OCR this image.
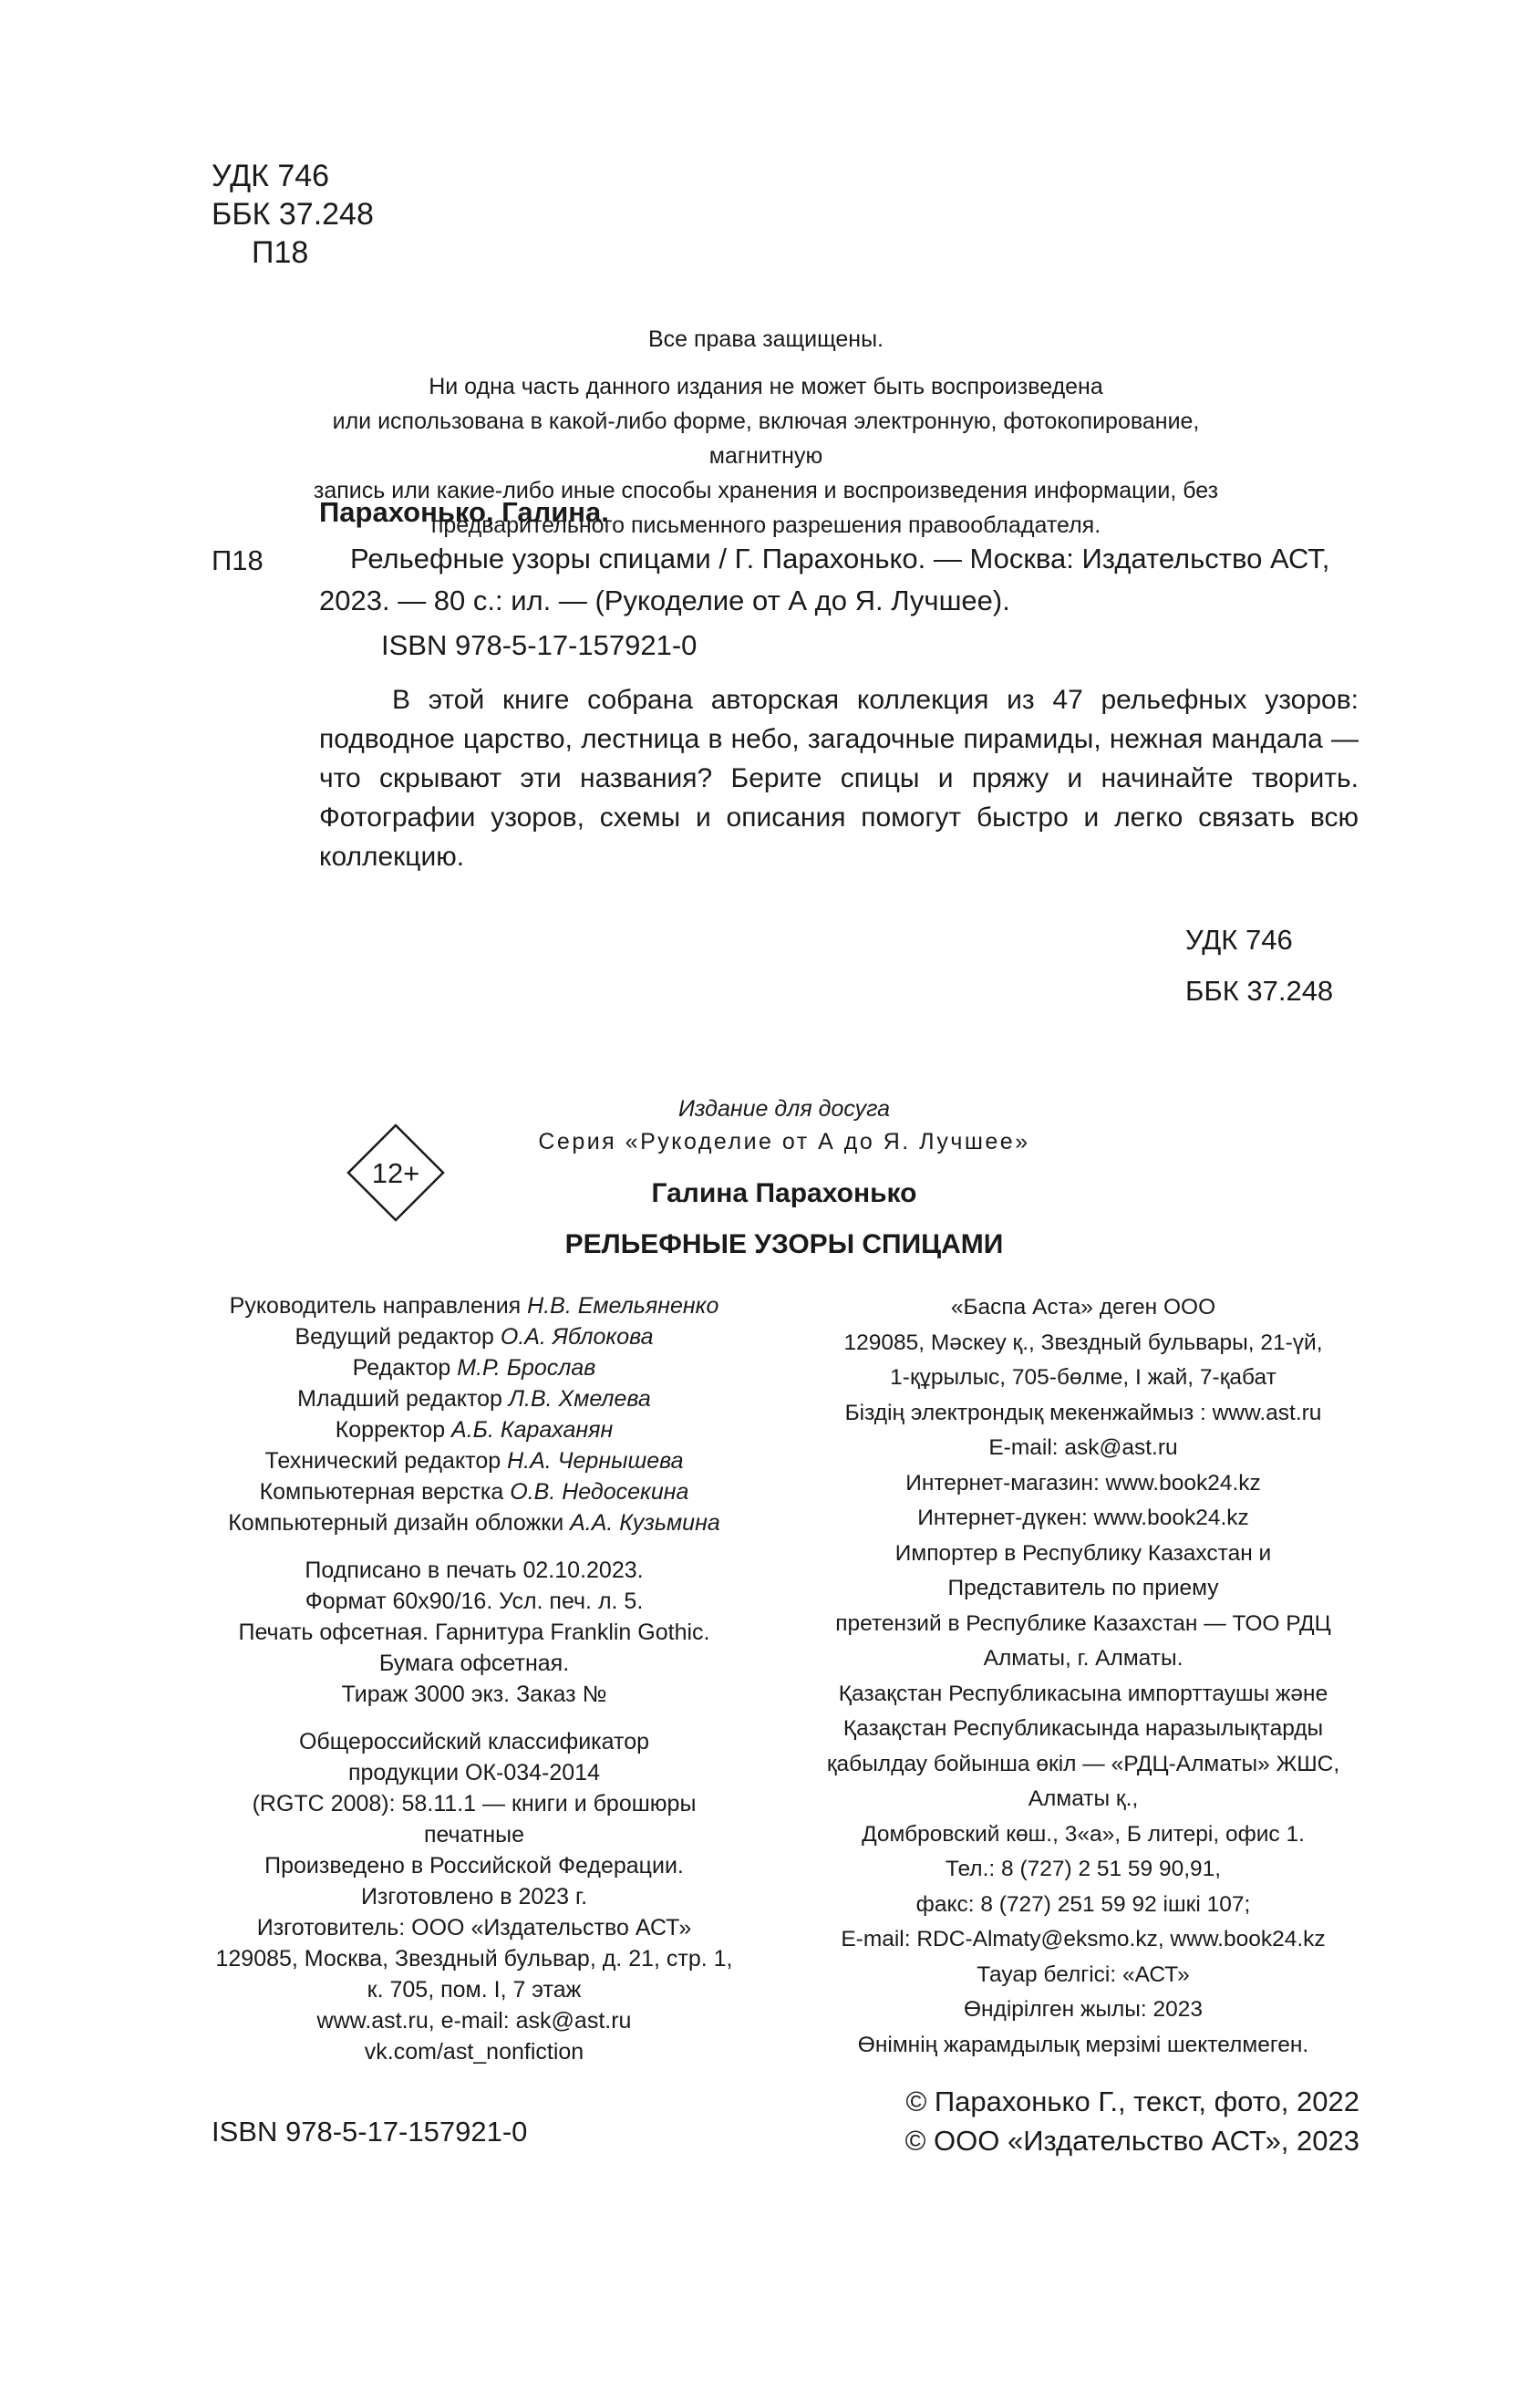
УДК 746
ББК 37.248
П18

Все права защищены.

Ни одна часть данного издания не может быть воспроизведена

или использована в какой-либо форме, включая электронную, фотокопирование, магнитную

запись или какие-либо иные способы хранения и воспроизведения информации, без

предварительного письменного разрешения правообладателя.

Парахонько, Галина.
П18	Рельефные узоры спицами / Г. Парахонько. — Москва: Издательство АСТ,
2023. — 80 с.: ил. — (Рукоделие от А до Я. Лучшее).
ISBN 978-5-17-157921-0
В этой книге собрана авторская коллекция из 47 рельефных узоров: подводное царство, лестница в небо, загадочные пирамиды, нежная мандала — что скрывают эти названия? Берите спицы и пряжу и начинайте творить. Фотографии узоров, схемы и описания помогут быстро и легко связать всю коллекцию.
УДК 746
ББК 37.248
12+
Издание для досуга
Серия «Рукоделие от А до Я. Лучшее»
Галина Парахонько
РЕЛЬЕФНЫЕ УЗОРЫ СПИЦАМИ
Руководитель направления Н.В. Емельяненко
Ведущий редактор О.А. Яблокова
Редактор М.Р. Брослав
Младший редактор Л.В. Хмелева
Корректор А.Б. Караханян
Технический редактор Н.А. Чернышева
Компьютерная верстка О.В. Недосекина
Компьютерный дизайн обложки А.А. Кузьмина
Подписано в печать 02.10.2023.
Формат 60x90/16. Усл. печ. л. 5.
Печать офсетная. Гарнитура Franklin Gothic.
Бумага офсетная.
Тираж 3000 экз. Заказ №
Общероссийский классификатор
продукции ОК-034-2014
(RGTC 2008): 58.11.1 — книги и брошюры
печатные
Произведено в Российской Федерации.
Изготовлено в 2023 г.
Изготовитель: ООО «Издательство АСТ»
129085, Москва, Звездный бульвар, д. 21, стр. 1,
к. 705, пом. I, 7 этаж
www.ast.ru, e-mail: ask@ast.ru
vk.com/ast_nonfiction
«Баспа Аста» деген ООО
129085, Мәскеу қ., Звездный бульвары, 21-үй,
1-құрылыс, 705-бөлме, I жай, 7-қабат
Біздің электрондық мекенжаймыз : www.ast.ru
E-mail: ask@ast.ru
Интернет-магазин: www.book24.kz
Интернет-дүкен: www.book24.kz
Импортер в Республику Казахстан и
Представитель по приему
претензий в Республике Казахстан — ТОО РДЦ
Алматы, г. Алматы.
Қазақстан Республикасына импорттаушы және
Қазақстан Республикасында наразылықтарды
қабылдау бойынша өкіл — «РДЦ-Алматы» ЖШС,
Алматы қ.,
Домбровский көш., 3«а», Б литері, офис 1.
Тел.: 8 (727) 2 51 59 90,91,
факс: 8 (727) 251 59 92 ішкі 107;
E-mail: RDC-Almaty@eksmo.kz, www.book24.kz
Тауар белгісі: «АСТ»
Өндірілген жылы: 2023
Өнімнің жарамдылық мерзімі шектелмеген.
© Парахонько Г., текст, фото, 2022
© ООО «Издательство АСТ», 2023
ISBN 978-5-17-157921-0
